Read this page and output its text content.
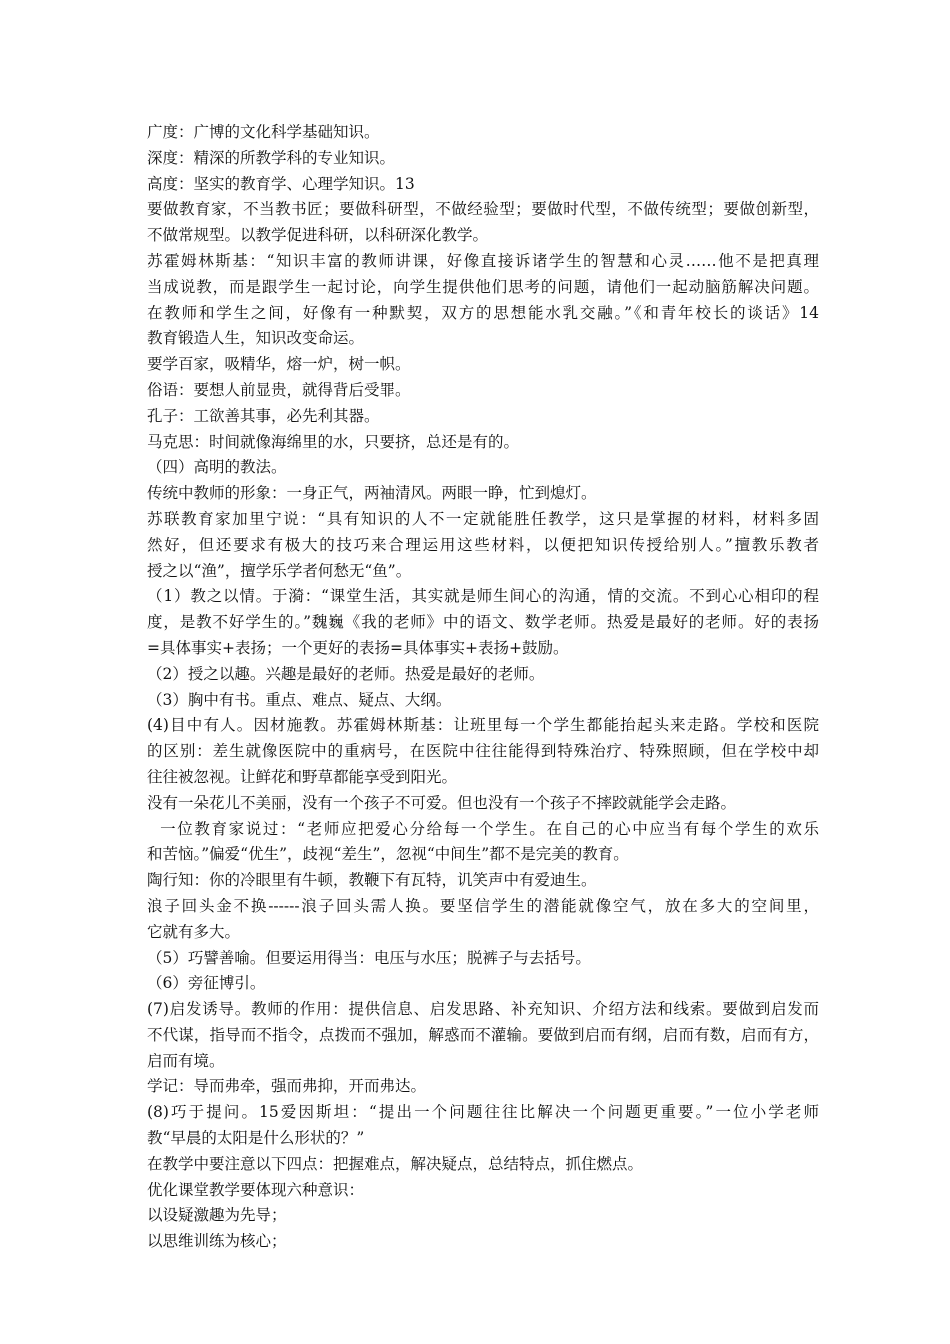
广度：广博的文化科学基础知识。
深度：精深的所教学科的专业知识。
高度：坚实的教育学、心理学知识。13
要做教育家，不当教书匠；要做科研型，不做经验型；要做时代型，不做传统型；要做创新型，
不做常规型。以教学促进科研，以科研深化教学。
苏霍姆林斯基：“知识丰富的教师讲课，好像直接诉诸学生的智慧和心灵……他不是把真理
当成说教，而是跟学生一起讨论，向学生提供他们思考的问题，请他们一起动脑筋解决问题。
在教师和学生之间，好像有一种默契，双方的思想能水乳交融。”《和青年校长的谈话》14
教育锻造人生，知识改变命运。
要学百家，吸精华，熔一炉，树一帜。
俗语：要想人前显贵，就得背后受罪。
孔子：工欲善其事，必先利其器。
马克思：时间就像海绵里的水，只要挤，总还是有的。
（四）高明的教法。
传统中教师的形象：一身正气，两袖清风。两眼一睁，忙到熄灯。
苏联教育家加里宁说：“具有知识的人不一定就能胜任教学，这只是掌握的材料，材料多固
然好，但还要求有极大的技巧来合理运用这些材料，以便把知识传授给别人。”擅教乐教者
授之以“渔”，擅学乐学者何愁无“鱼”。
（1）教之以情。于漪：“课堂生活，其实就是师生间心的沟通，情的交流。不到心心相印的程
度，是教不好学生的。”魏巍《我的老师》中的语文、数学老师。热爱是最好的老师。好的表扬
=具体事实+表扬；一个更好的表扬=具体事实+表扬+鼓励。
（2）授之以趣。兴趣是最好的老师。热爱是最好的老师。
（3）胸中有书。重点、难点、疑点、大纲。
(4)目中有人。因材施教。苏霍姆林斯基：让班里每一个学生都能抬起头来走路。学校和医院
的区别：差生就像医院中的重病号，在医院中往往能得到特殊治疗、特殊照顾，但在学校中却
往往被忽视。让鲜花和野草都能享受到阳光。
没有一朵花儿不美丽，没有一个孩子不可爱。但也没有一个孩子不摔跤就能学会走路。
一位教育家说过：“老师应把爱心分给每一个学生。在自己的心中应当有每个学生的欢乐
和苦恼。”偏爱“优生”，歧视“差生”，忽视“中间生”都不是完美的教育。
陶行知：你的冷眼里有牛顿，教鞭下有瓦特，讥笑声中有爱迪生。
浪子回头金不换------浪子回头需人换。要坚信学生的潜能就像空气，放在多大的空间里，
它就有多大。
（5）巧譬善喻。但要运用得当：电压与水压；脱裤子与去括号。
（6）旁征博引。
(7)启发诱导。教师的作用：提供信息、启发思路、补充知识、介绍方法和线索。要做到启发而
不代谋，指导而不指令，点拨而不强加，解惑而不灌输。要做到启而有纲，启而有数，启而有方，
启而有境。
学记：导而弗牵，强而弗抑，开而弗达。
(8)巧于提问。15爱因斯坦：“提出一个问题往往比解决一个问题更重要。”一位小学老师
教“早晨的太阳是什么形状的？”
在教学中要注意以下四点：把握难点，解决疑点，总结特点，抓住燃点。
优化课堂教学要体现六种意识：
以设疑激趣为先导；
以思维训练为核心；
